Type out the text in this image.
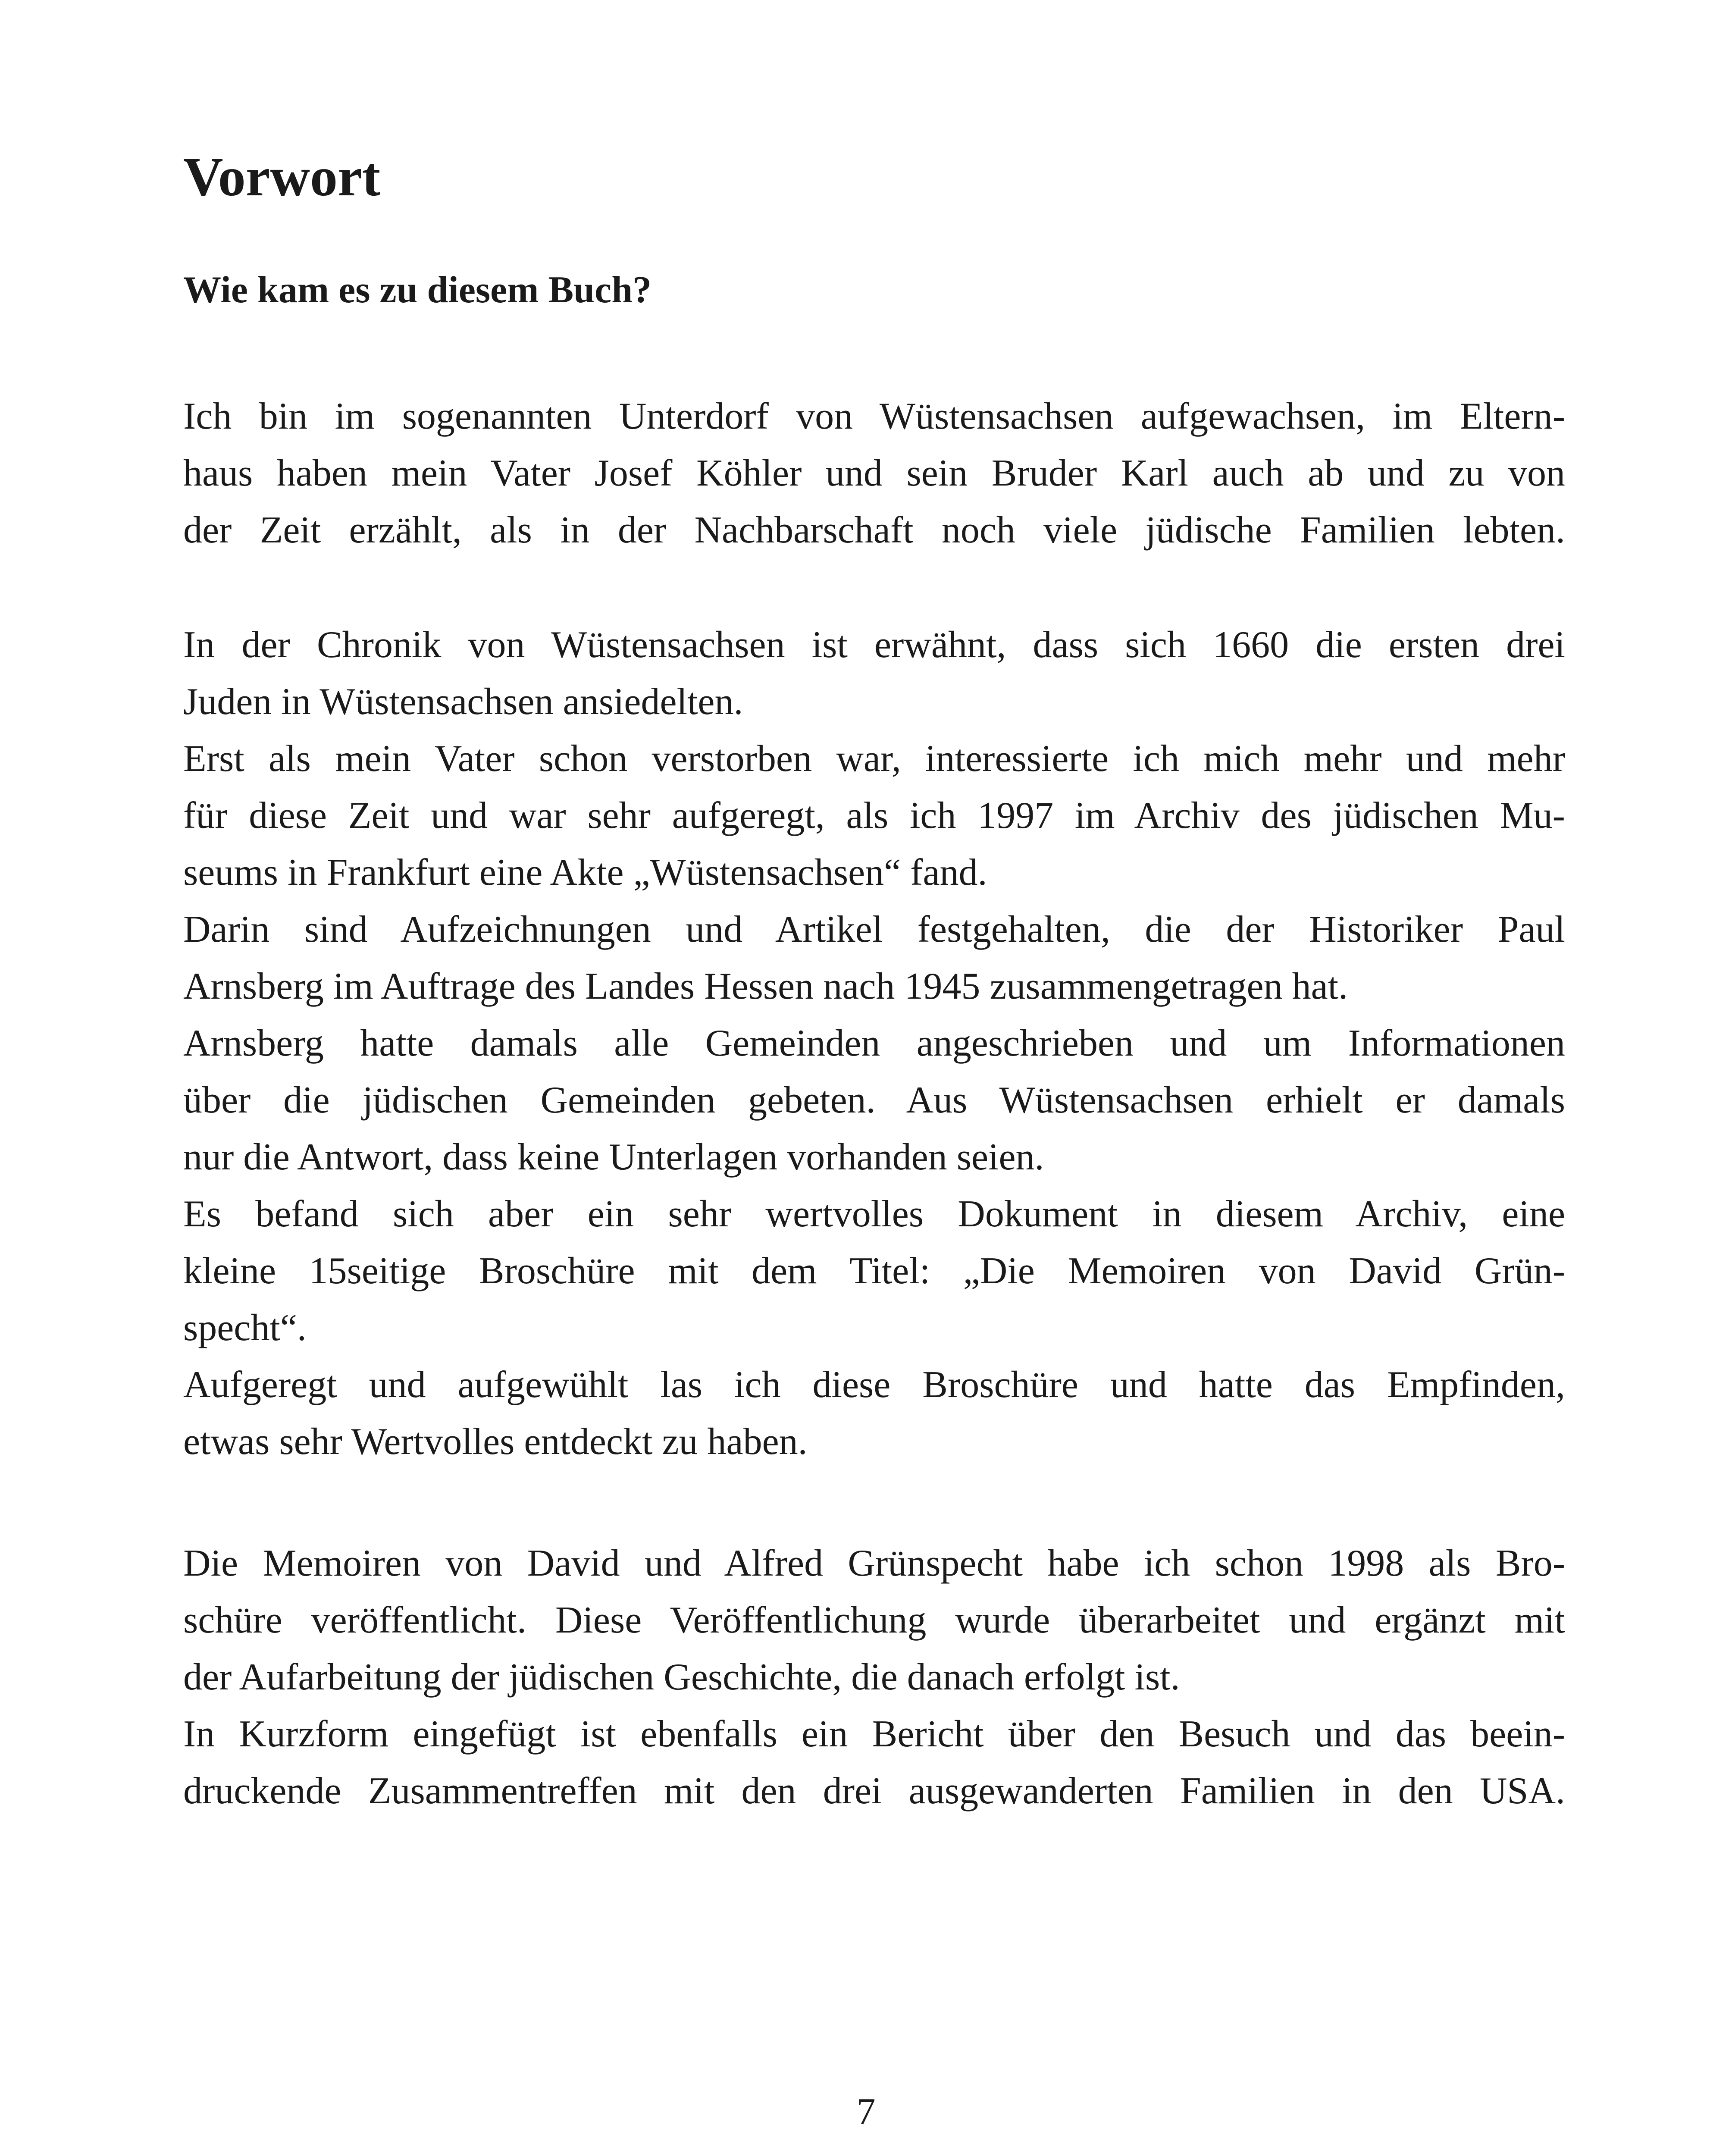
Vorwort
Wie kam es zu diesem Buch?
Ich bin im sogenannten Unterdorf von Wüstensachsen aufgewachsen, im Eltern-
haus haben mein Vater Josef Köhler und sein Bruder Karl auch ab und zu von
der Zeit erzählt, als in der Nachbarschaft noch viele jüdische Familien lebten.
In der Chronik von Wüstensachsen ist erwähnt, dass sich 1660 die ersten drei
Juden in Wüstensachsen ansiedelten.
Erst als mein Vater schon verstorben war, interessierte ich mich mehr und mehr
für diese Zeit und war sehr aufgeregt, als ich 1997 im Archiv des jüdischen Mu-
seums in Frankfurt eine Akte „Wüstensachsen“ fand.
Darin sind Aufzeichnungen und Artikel festgehalten, die der Historiker Paul
Arnsberg im Auftrage des Landes Hessen nach 1945 zusammengetragen hat.
Arnsberg hatte damals alle Gemeinden angeschrieben und um Informationen
über die jüdischen Gemeinden gebeten. Aus Wüstensachsen erhielt er damals
nur die Antwort, dass keine Unterlagen vorhanden seien.
Es befand sich aber ein sehr wertvolles Dokument in diesem Archiv, eine
kleine 15seitige Broschüre mit dem Titel: „Die Memoiren von David Grün-
specht“.
Aufgeregt und aufgewühlt las ich diese Broschüre und hatte das Empfinden,
etwas sehr Wertvolles entdeckt zu haben.
Die Memoiren von David und Alfred Grünspecht habe ich schon 1998 als Bro-
schüre veröffentlicht. Diese Veröffentlichung wurde überarbeitet und ergänzt mit
der Aufarbeitung der jüdischen Geschichte, die danach erfolgt ist.
In Kurzform eingefügt ist ebenfalls ein Bericht über den Besuch und das beein-
druckende Zusammentreffen mit den drei ausgewanderten Familien in den USA.
7
